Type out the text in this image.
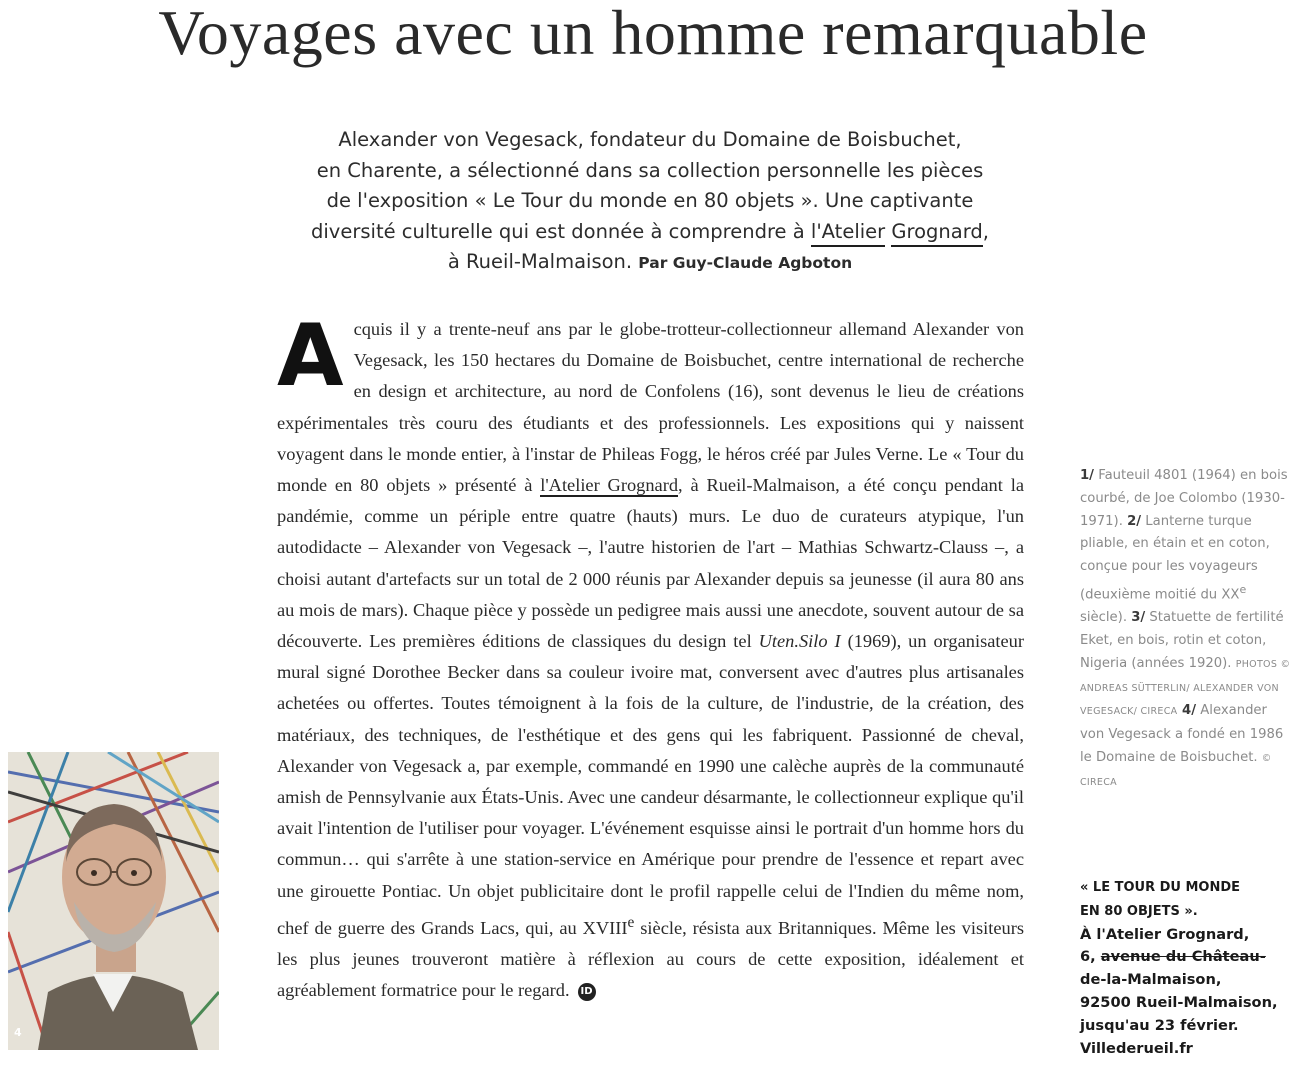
Voyages avec un homme remarquable
Alexander von Vegesack, fondateur du Domaine de Boisbuchet,
en Charente, a sélectionné dans sa collection personnelle les pièces
de l'exposition « Le Tour du monde en 80 objets ». Une captivante
diversité culturelle qui est donnée à comprendre à l'Atelier Grognard,
à Rueil-Malmaison. Par Guy-Claude Agboton
Acquis il y a trente-neuf ans par le globe-trotteur-collectionneur allemand Alexander von Vegesack, les 150 hectares du Domaine de Boisbuchet, centre international de recherche en design et architecture, au nord de Confolens (16), sont devenus le lieu de créations expérimentales très couru des étudiants et des professionnels. Les expositions qui y naissent voyagent dans le monde entier, à l'instar de Phileas Fogg, le héros créé par Jules Verne. Le « Tour du monde en 80 objets » présenté à l'Atelier Grognard, à Rueil-Malmaison, a été conçu pendant la pandémie, comme un périple entre quatre (hauts) murs. Le duo de curateurs atypique, l'un autodidacte – Alexander von Vegesack –, l'autre historien de l'art – Mathias Schwartz-Clauss –, a choisi autant d'artefacts sur un total de 2 000 réunis par Alexander depuis sa jeunesse (il aura 80 ans au mois de mars). Chaque pièce y possède un pedigree mais aussi une anecdote, souvent autour de sa découverte. Les premières éditions de classiques du design tel Uten.Silo I (1969), un organisateur mural signé Dorothee Becker dans sa couleur ivoire mat, conversent avec d'autres plus artisanales achetées ou offertes. Toutes témoignent à la fois de la culture, de l'industrie, de la création, des matériaux, des techniques, de l'esthétique et des gens qui les fabriquent. Passionné de cheval, Alexander von Vegesack a, par exemple, commandé en 1990 une calèche auprès de la communauté amish de Pennsylvanie aux États-Unis. Avec une candeur désarmante, le collectionneur explique qu'il avait l'intention de l'utiliser pour voyager. L'événement esquisse ainsi le portrait d'un homme hors du commun… qui s'arrête à une station-service en Amérique pour prendre de l'essence et repart avec une girouette Pontiac. Un objet publicitaire dont le profil rappelle celui de l'Indien du même nom, chef de guerre des Grands Lacs, qui, au XVIIIe siècle, résista aux Britanniques. Même les visiteurs les plus jeunes trouveront matière à réflexion au cours de cette exposition, idéalement et agréablement formatrice pour le regard. ID
1/ Fauteuil 4801 (1964) en bois courbé, de Joe Colombo (1930-1971). 2/ Lanterne turque pliable, en étain et en coton, conçue pour les voyageurs (deuxième moitié du XXe siècle). 3/ Statuette de fertilité Eket, en bois, rotin et coton, Nigeria (années 1920). PHOTOS © ANDREAS SÜTTERLIN/ ALEXANDER VON VEGESACK/ CIRECA 4/ Alexander von Vegesack a fondé en 1986 le Domaine de Boisbuchet. © CIRECA
« LE TOUR DU MONDE
EN 80 OBJETS ».
À l'Atelier Grognard,
6, avenue du Château-
de-la-Malmaison,
92500 Rueil-Malmaison,
jusqu'au 23 février.
Villederueil.fr
4
